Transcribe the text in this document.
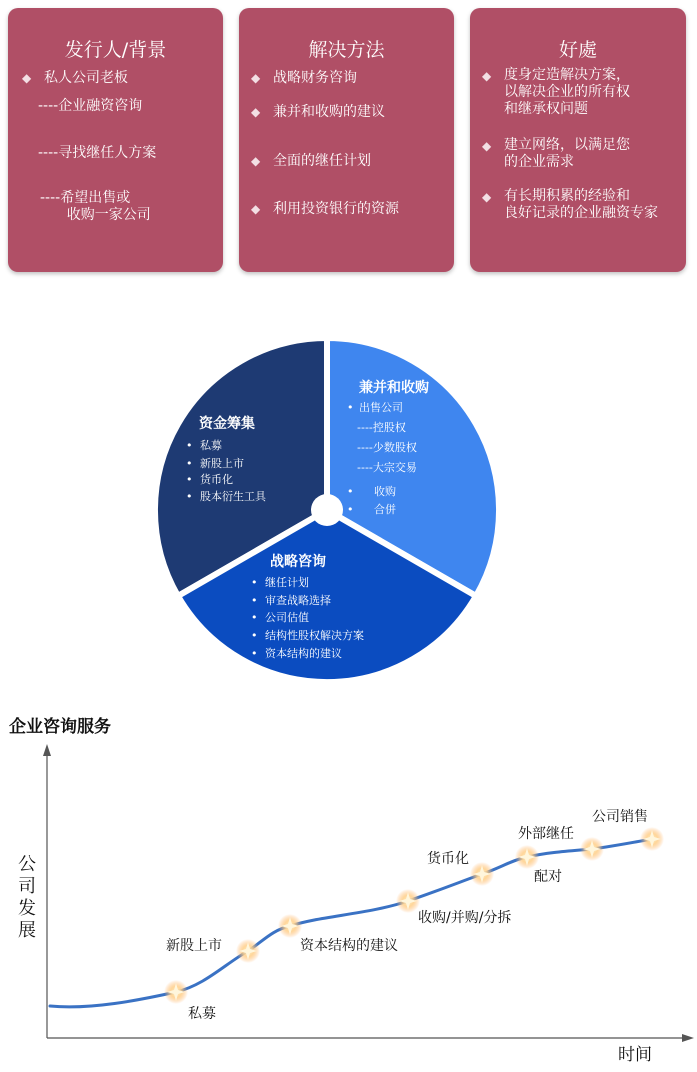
发行人/背景
◆ 私人公司老板
----企业融资咨询
----寻找继任人方案
----希望出售或
收购一家公司
解决方法
◆ 战略财务咨询
◆ 兼并和收购的建议
◆ 全面的继任计划
◆ 利用投资银行的资源
好處
◆ 度身定造解决方案，
以解决企业的所有权
和继承权问题
◆ 建立网络，以满足您
的企业需求
◆ 有长期积累的经验和
良好记录的企业融资专家
资金筹集
• 私募
• 新股上市
• 货币化
• 股本衍生工具
兼并和收购
• 出售公司
----控股权
----少数股权
----大宗交易
• 收购
• 合併
战略咨询
• 继任计划
• 审查战略选择
• 公司估值
• 结构性股权解决方案
• 资本结构的建议
企业咨询服务
公
司
发
展
时间
私募
新股上市	资本结构的建议
收购/并购/分拆
货币化
配对
外部继任
公司销售
